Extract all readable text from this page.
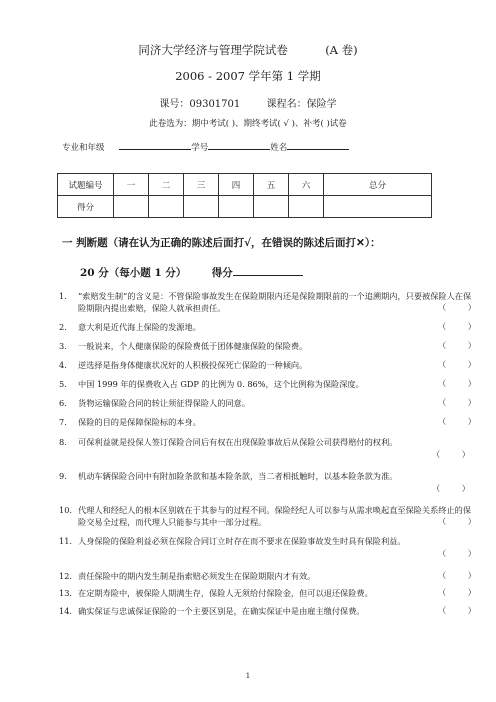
同济大学经济与管理学院试卷	(A 卷)
2006 - 2007 学年第 1 学期
课号：09301701	课程名：保险学
此卷选为：期中考试( )、期终考试( √ )、补考( )试卷
专业和年级	学号	姓名
试题编号	一	二	三	四	五	六	总分
得分							
一 判断题（请在认为正确的陈述后面打√，在错误的陈述后面打✕）：
20 分（每小题 1 分） 得分
1. “索赔发生制”的含义是：不管保险事故发生在保险期限内还是保险期限前的一个追溯期内，只要被保险人在保险期限内提出索赔，保险人就承担责任。	（	）
2. 意大利是近代海上保险的发源地。	（	）
3. 一般说来，个人健康保险的保险费低于团体健康保险的保险费。	（	）
4. 逆选择是指身体健康状况好的人积极投保死亡保险的一种倾向。	（	）
5. 中国 1999 年的保费收入占 GDP 的比例为 0. 86%，这个比例称为保险深度。	（	）
6. 货物运输保险合同的转让须征得保险人的同意。	（	）
7. 保险的目的是保障保险标的本身。	（	）
8. 可保利益就是投保人签订保险合同后有权在出现保险事故后从保险公司获得赔付的权利。
（	）
9. 机动车辆保险合同中有附加险条款和基本险条款，当二者相抵触时，以基本险条款为准。
（	）
10. 代理人和经纪人的根本区别就在于其参与的过程不同。保险经纪人可以参与从需求唤起直至保险关系终止的保险交易全过程，而代理人只能参与其中一部分过程。	（	）
11. 人身保险的保险利益必须在保险合同订立时存在而不要求在保险事故发生时具有保险利益。
（	）
12. 责任保险中的期内发生制是指索赔必须发生在保险期限内才有效。	（	）
13. 在定期寿险中，被保险人期满生存，保险人无须给付保险金，但可以退还保险费。	（	）
14. 确实保证与忠诚保证保险的一个主要区别是，在确实保证中是由雇主缴付保费。	（	）
1
